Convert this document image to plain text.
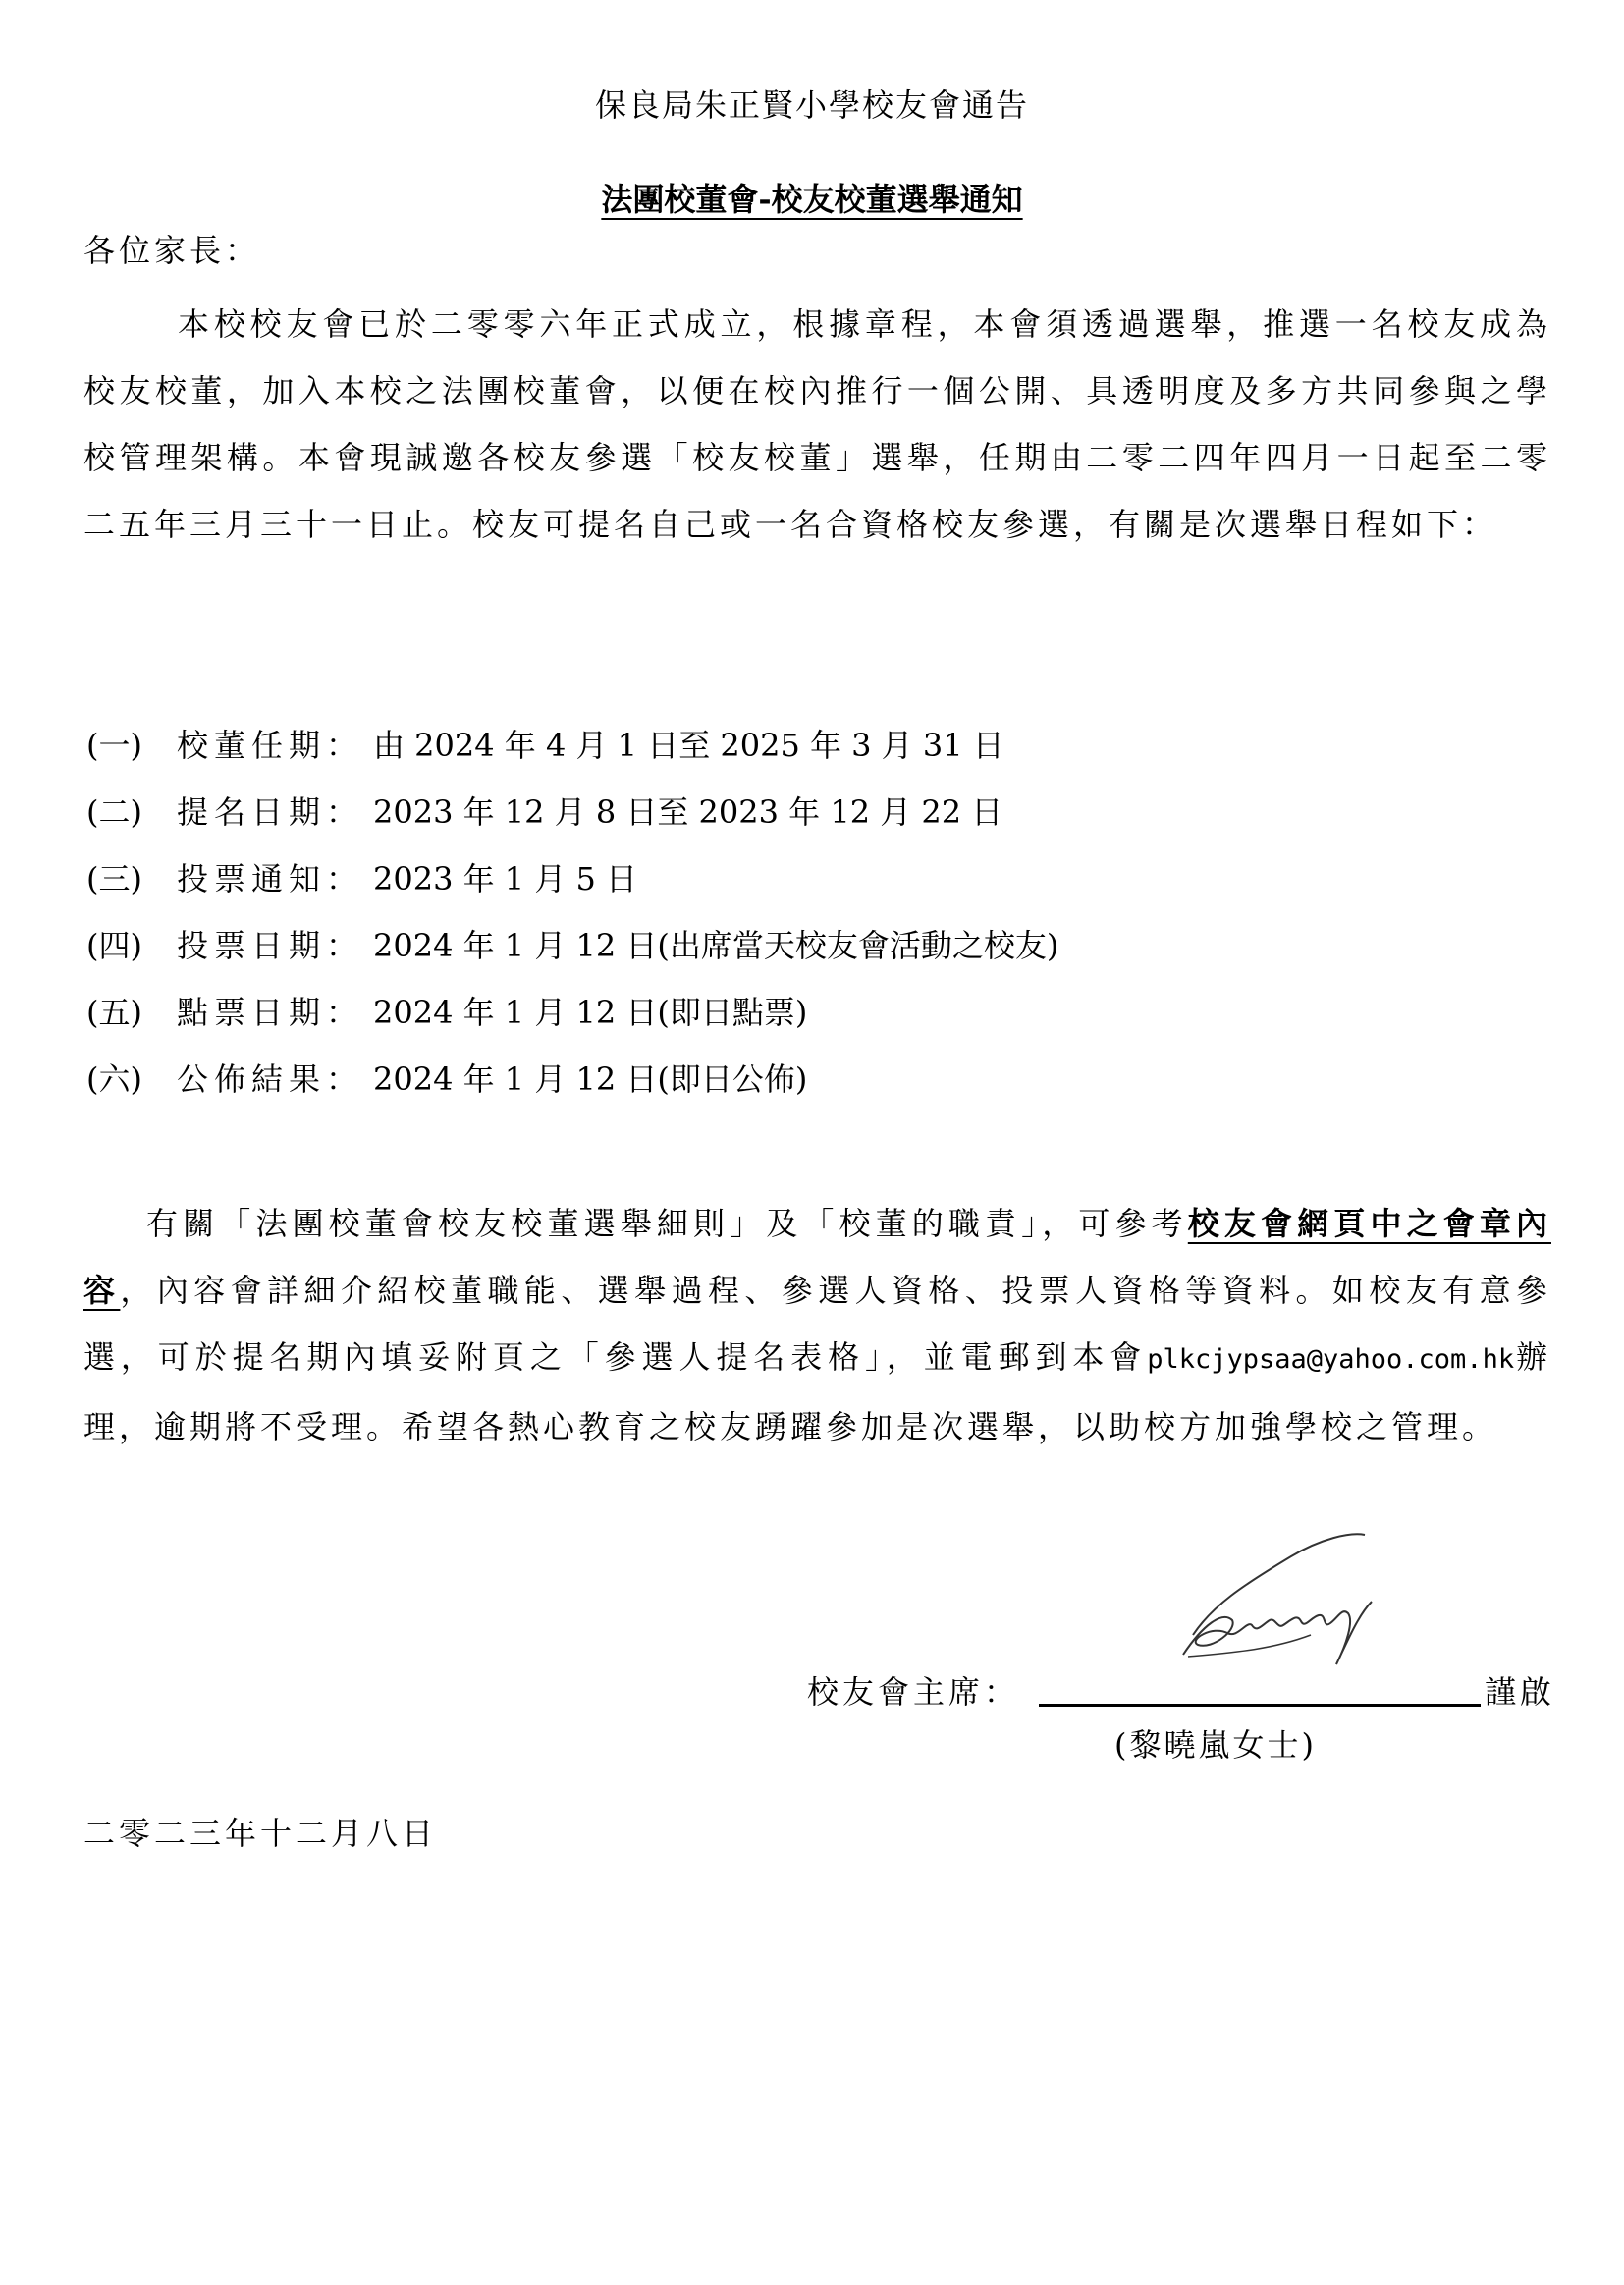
保良局朱正賢小學校友會通告
法團校董會-校友校董選舉通知
各位家長：
本校校友會已於二零零六年正式成立，根據章程，本會須透過選舉，推選一名校友成為校友校董，加入本校之法團校董會，以便在校內推行一個公開、具透明度及多方共同參與之學校管理架構。本會現誠邀各校友參選「校友校董」選舉，任期由二零二四年四月一日起至二零二五年三月三十一日止。校友可提名自己或一名合資格校友參選，有關是次選舉日程如下：
(一)	校董任期： 由 2024 年 4 月 1 日至 2025 年 3 月 31 日
(二)	提名日期： 2023 年 12 月 8 日至 2023 年 12 月 22 日
(三)	投票通知： 2023 年 1 月 5 日
(四)	投票日期： 2024 年 1 月 12 日(出席當天校友會活動之校友)
(五)	點票日期： 2024 年 1 月 12 日(即日點票)
(六)	公佈結果： 2024 年 1 月 12 日(即日公佈)
有關「法團校董會校友校董選舉細則」及「校董的職責」，可參考校友會網頁中之會章內容，內容會詳細介紹校董職能、選舉過程、參選人資格、投票人資格等資料。如校友有意參選，可於提名期內填妥附頁之「參選人提名表格」，並電郵到本會plkcjypsaa@yahoo.com.hk辦理，逾期將不受理。希望各熱心教育之校友踴躍參加是次選舉，以助校方加強學校之管理。
校友會主席：	謹啟
(黎曉嵐女士)
二零二三年十二月八日
